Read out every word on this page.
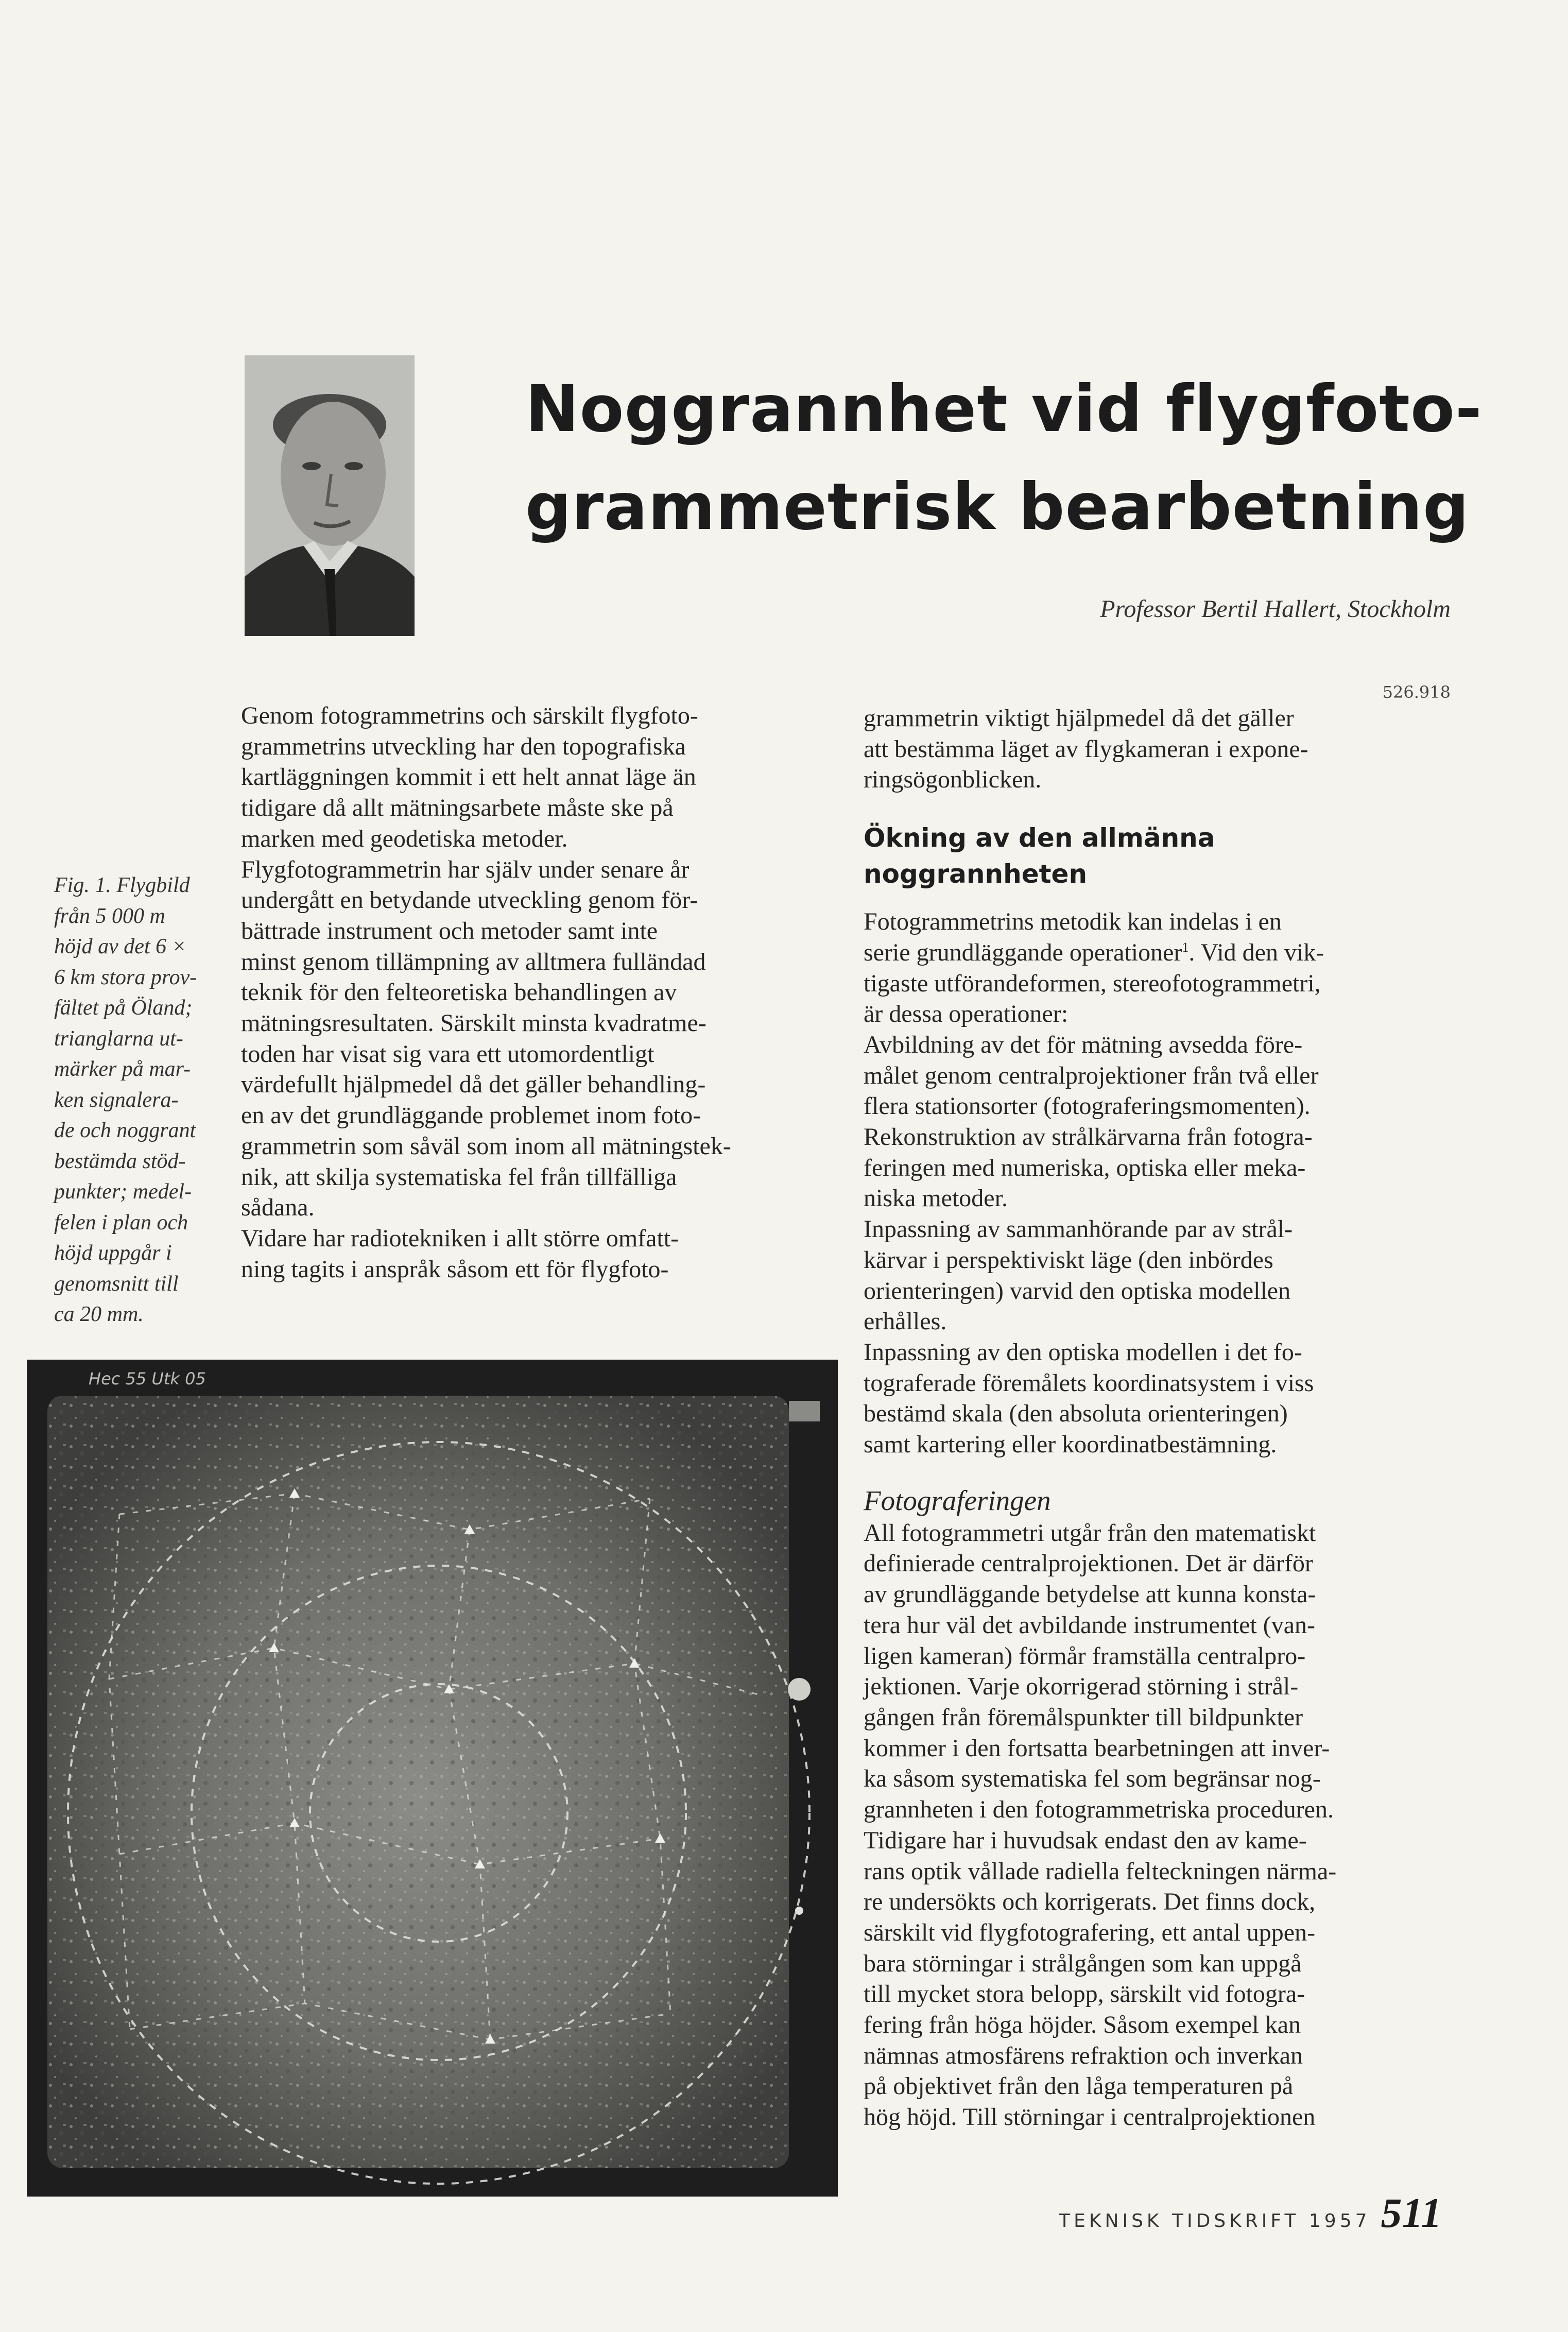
Noggrannhet vid flygfoto-
grammetrisk bearbetning
Professor Bertil Hallert, Stockholm
526.918

Fig. 1. Flygbild

från 5 000 m

höjd av det 6 ×

6 km stora prov-

fältet på Öland;

trianglarna ut-

märker på mar-

ken signalera-

de och noggrant

bestämda stöd-

punkter; medel-

felen i plan och

höjd uppgår i

genomsnitt till

ca 20 mm.

Genom fotogrammetrins och särskilt flygfoto-

grammetrins utveckling har den topografiska

kartläggningen kommit i ett helt annat läge än

tidigare då allt mätningsarbete måste ske på

marken med geodetiska metoder.

Flygfotogrammetrin har själv under senare år

undergått en betydande utveckling genom för-

bättrade instrument och metoder samt inte

minst genom tillämpning av alltmera fulländad

teknik för den felteoretiska behandlingen av

mätningsresultaten. Särskilt minsta kvadratme-

toden har visat sig vara ett utomordentligt

värdefullt hjälpmedel då det gäller behandling-

en av det grundläggande problemet inom foto-

grammetrin som såväl som inom all mätningstek-

nik, att skilja systematiska fel från tillfälliga

sådana.

Vidare har radiotekniken i allt större omfatt-

ning tagits i anspråk såsom ett för flygfoto-

grammetrin viktigt hjälpmedel då det gäller

att bestämma läget av flygkameran i expone-

ringsögonblicken.

Ökning av den allmänna
noggrannheten

Fotogrammetrins metodik kan indelas i en

serie grundläggande operationer$^1$. Vid den vik-

tigaste utförandeformen, stereofotogrammetri,

är dessa operationer:

Avbildning av det för mätning avsedda före-

målet genom centralprojektioner från två eller

flera stationsorter (fotograferingsmomenten).

Rekonstruktion av strålkärvarna från fotogra-

feringen med numeriska, optiska eller meka-

niska metoder.

Inpassning av sammanhörande par av strål-

kärvar i perspektiviskt läge (den inbördes

orienteringen) varvid den optiska modellen

erhålles.

Inpassning av den optiska modellen i det fo-

tograferade föremålets koordinatsystem i viss

bestämd skala (den absoluta orienteringen)

samt kartering eller koordinatbestämning.

Fotograferingen

All fotogrammetri utgår från den matematiskt

definierade centralprojektionen. Det är därför

av grundläggande betydelse att kunna konsta-

tera hur väl det avbildande instrumentet (van-

ligen kameran) förmår framställa centralpro-

jektionen. Varje okorrigerad störning i strål-

gången från föremålspunkter till bildpunkter

kommer i den fortsatta bearbetningen att inver-

ka såsom systematiska fel som begränsar nog-

grannheten i den fotogrammetriska proceduren.

Tidigare har i huvudsak endast den av kame-

rans optik vållade radiella felteckningen närma-

re undersökts och korrigerats. Det finns dock,

särskilt vid flygfotografering, ett antal uppen-

bara störningar i strålgången som kan uppgå

till mycket stora belopp, särskilt vid fotogra-

fering från höga höjder. Såsom exempel kan

nämnas atmosfärens refraktion och inverkan

på objektivet från den låga temperaturen på

hög höjd. Till störningar i centralprojektionen

Hec 55 Utk 05
TEKNISK TIDSKRIFT 1957 511
